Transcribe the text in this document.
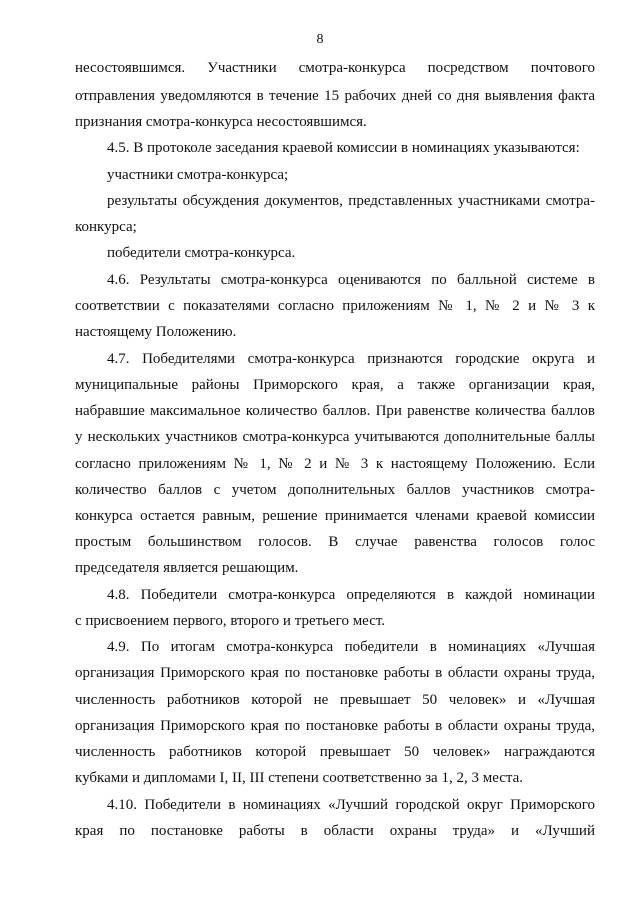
8
несостоявшимся. Участники смотра-конкурса посредством почтового
отправления уведомляются в течение 15 рабочих дней со дня выявления факта
признания смотра-конкурса несостоявшимся.
4.5. В протоколе заседания краевой комиссии в номинациях указываются:
участники смотра-конкурса;
результаты обсуждения документов, представленных участниками смотра-
конкурса;
победители смотра-конкурса.
4.6. Результаты смотра-конкурса оцениваются по балльной системе в
соответствии с показателями согласно приложениям № 1, № 2 и № 3 к
настоящему Положению.
4.7. Победителями смотра-конкурса признаются городские округа и
муниципальные районы Приморского края, а также организации края,
набравшие максимальное количество баллов. При равенстве количества баллов
у нескольких участников смотра-конкурса учитываются дополнительные баллы
согласно приложениям № 1, № 2 и № 3 к настоящему Положению. Если
количество баллов с учетом дополнительных баллов участников смотра-
конкурса остается равным, решение принимается членами краевой комиссии
простым большинством голосов. В случае равенства голосов голос
председателя является решающим.
4.8. Победители смотра-конкурса определяются в каждой номинации
с присвоением первого, второго и третьего мест.
4.9. По итогам смотра-конкурса победители в номинациях «Лучшая
организация Приморского края по постановке работы в области охраны труда,
численность работников которой не превышает 50 человек» и «Лучшая
организация Приморского края по постановке работы в области охраны труда,
численность работников которой превышает 50 человек» награждаются
кубками и дипломами I, II, III степени соответственно за 1, 2, 3 места.
4.10. Победители в номинациях «Лучший городской округ Приморского
края по постановке работы в области охраны труда» и «Лучший
